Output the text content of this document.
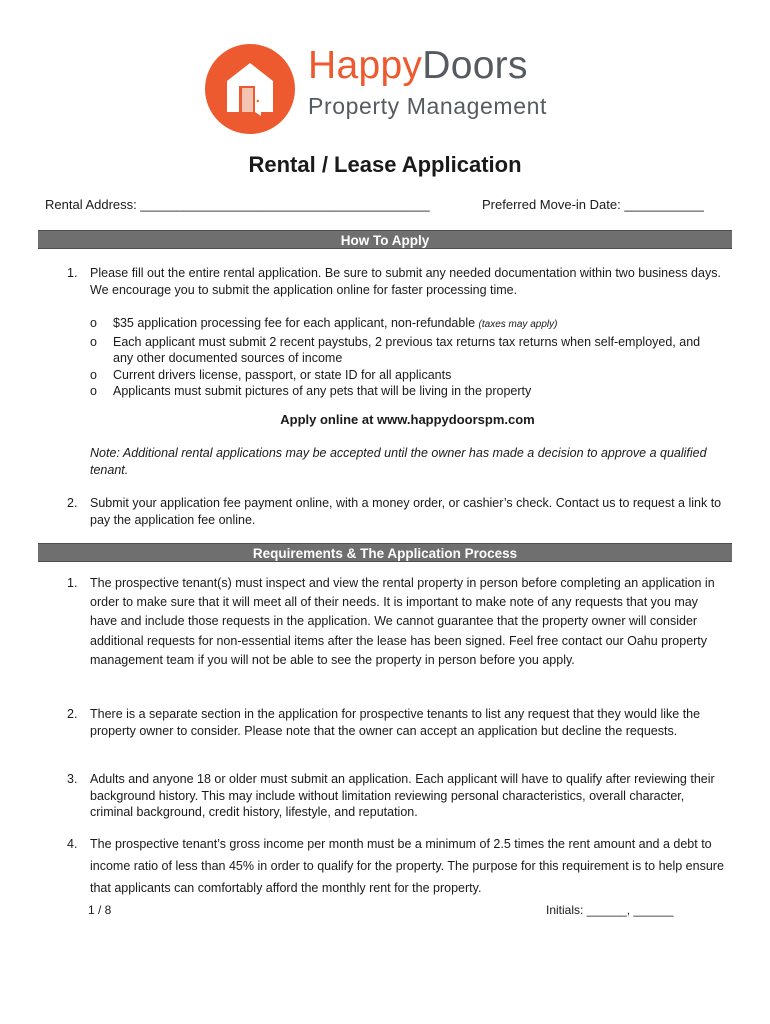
HappyDoors
Property Management
Rental / Lease Application
Rental Address: ________________________________________	Preferred Move-in Date: ___________
How To Apply
1. Please fill out the entire rental application. Be sure to submit any needed documentation within two business days. We encourage you to submit the application online for faster processing time.
o $35 application processing fee for each applicant, non-refundable (taxes may apply)
o Each applicant must submit 2 recent paystubs, 2 previous tax returns tax returns when self-employed, and any other documented sources of income
o Current drivers license, passport, or state ID for all applicants
o Applicants must submit pictures of any pets that will be living in the property
Apply online at www.happydoorspm.com
Note: Additional rental applications may be accepted until the owner has made a decision to approve a qualified tenant.
2. Submit your application fee payment online, with a money order, or cashier’s check. Contact us to request a link to pay the application fee online.
Requirements & The Application Process
1. The prospective tenant(s) must inspect and view the rental property in person before completing an application in order to make sure that it will meet all of their needs. It is important to make note of any requests that you may have and include those requests in the application. We cannot guarantee that the property owner will consider additional requests for non-essential items after the lease has been signed. Feel free contact our Oahu property management team if you will not be able to see the property in person before you apply.
2. There is a separate section in the application for prospective tenants to list any request that they would like the property owner to consider. Please note that the owner can accept an application but decline the requests.
3. Adults and anyone 18 or older must submit an application. Each applicant will have to qualify after reviewing their background history. This may include without limitation reviewing personal characteristics, overall character, criminal background, credit history, lifestyle, and reputation.
4. The prospective tenant’s gross income per month must be a minimum of 2.5 times the rent amount and a debt to income ratio of less than 45% in order to qualify for the property. The purpose for this requirement is to help ensure that applicants can comfortably afford the monthly rent for the property.
1 / 8	Initials: ______, ______
